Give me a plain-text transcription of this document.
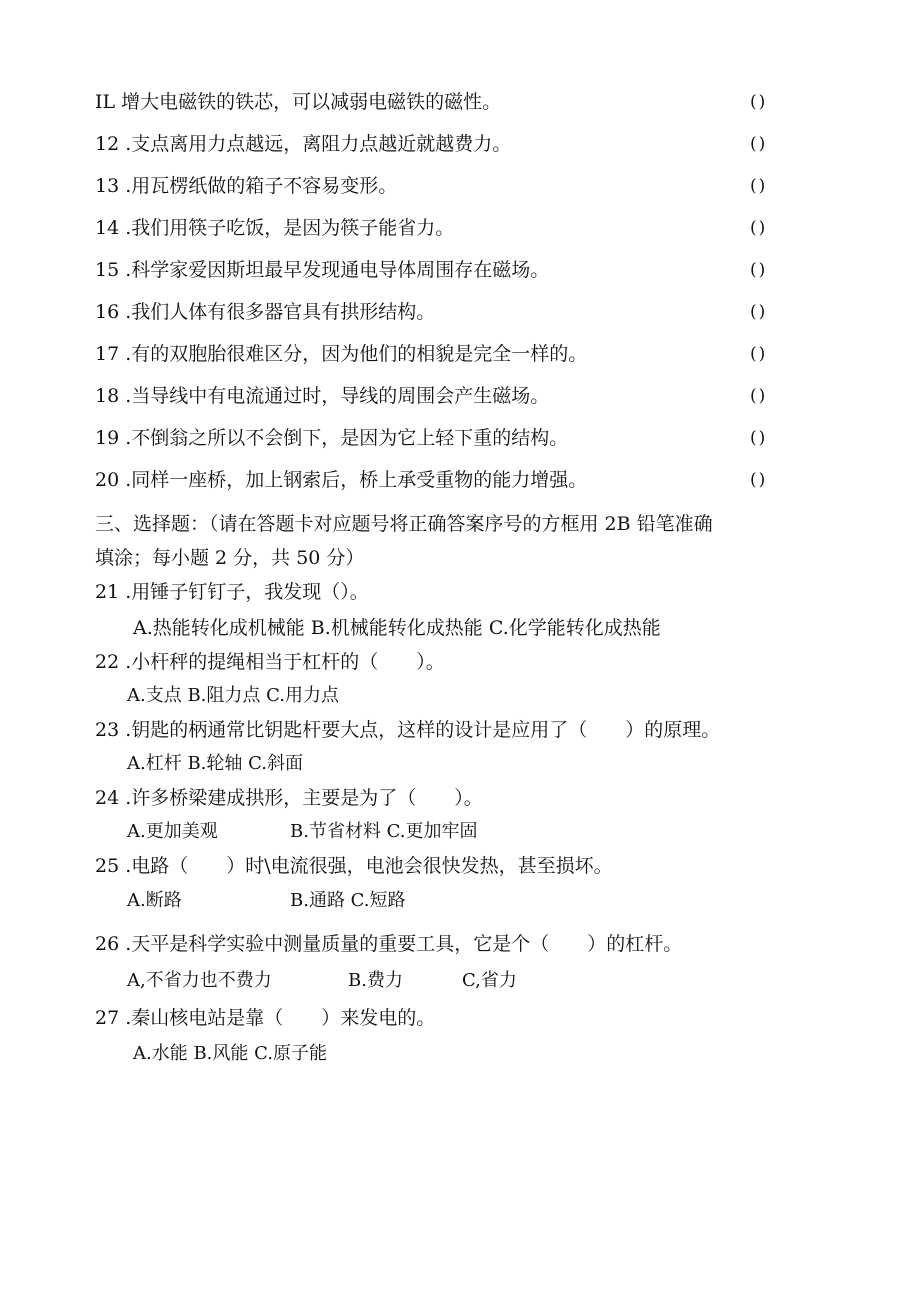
IL 增大电磁铁的铁芯，可以减弱电磁铁的磁性。	()
12 .支点离用力点越远，离阻力点越近就越费力。	()
13 .用瓦楞纸做的箱子不容易变形。	()
14 .我们用筷子吃饭，是因为筷子能省力。	()
15 .科学家爱因斯坦最早发现通电导体周围存在磁场。	()
16 .我们人体有很多器官具有拱形结构。	()
17 .有的双胞胎很难区分，因为他们的相貌是完全一样的。	()
18 .当导线中有电流通过时，导线的周围会产生磁场。	()
19 .不倒翁之所以不会倒下，是因为它上轻下重的结构。	()
20 .同样一座桥，加上钢索后，桥上承受重物的能力增强。	()
三、选择题：（请在答题卡对应题号将正确答案序号的方框用 2B 铅笔准确
填涂；每小题 2 分，共 50 分）
21 .用锤子钉钉子，我发现（）。
A.热能转化成机械能 B.机械能转化成热能 C.化学能转化成热能
22 .小杆秤的提绳相当于杠杆的（　　）。
A.支点 B.阻力点 C.用力点
23 .钥匙的柄通常比钥匙杆要大点，这样的设计是应用了（　　）的原理。
A.杠杆 B.轮轴 C.斜面
24 .许多桥梁建成拱形，主要是为了（　　）。
A.更加美观	B.节省材料 C.更加牢固
25 .电路（　　）时\电流很强，电池会很快发热，甚至损坏。
A.断路	B.通路 C.短路
26 .天平是科学实验中测量质量的重要工具，它是个（　　）的杠杆。
A,不省力也不费力	B.费力	C,省力
27 .秦山核电站是靠（　　）来发电的。
A.水能 B.风能 C.原子能
